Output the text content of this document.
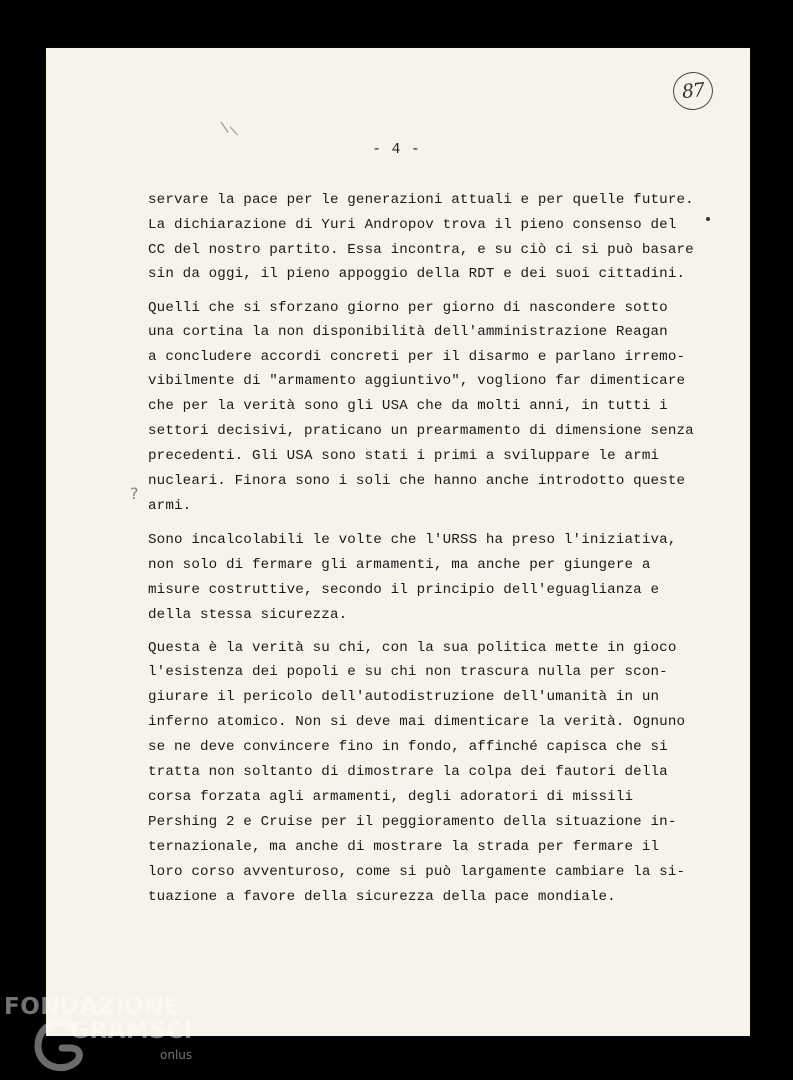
87
\ \
?
- 4 -
servare la pace per le generazioni attuali e per quelle future.
La dichiarazione di Yuri Andropov trova il pieno consenso del
CC del nostro partito. Essa incontra, e su ciò ci si può basare
sin da oggi, il pieno appoggio della RDT e dei suoi cittadini.
Quelli che si sforzano giorno per giorno di nascondere sotto
una cortina la non disponibilità dell'amministrazione Reagan
a concludere accordi concreti per il disarmo e parlano irremo-
vibilmente di "armamento aggiuntivo", vogliono far dimenticare
che per la verità sono gli USA che da molti anni, in tutti i
settori decisivi, praticano un prearmamento di dimensione senza
precedenti. Gli USA sono stati i primi a sviluppare le armi
nucleari. Finora sono i soli che hanno anche introdotto queste
armi.
Sono incalcolabili le volte che l'URSS ha preso l'iniziativa,
non solo di fermare gli armamenti, ma anche per giungere a
misure costruttive, secondo il principio dell'eguaglianza e
della stessa sicurezza.
Questa è la verità su chi, con la sua politica mette in gioco
l'esistenza dei popoli e su chi non trascura nulla per scon-
giurare il pericolo dell'autodistruzione dell'umanità in un
inferno atomico. Non si deve mai dimenticare la verità. Ognuno
se ne deve convincere fino in fondo, affinché capisca che si
tratta non soltanto di dimostrare la colpa dei fautori della
corsa forzata agli armamenti, degli adoratori di missili
Pershing 2 e Cruise per il peggioramento della situazione in-
ternazionale, ma anche di mostrare la strada per fermare il
loro corso avventuroso, come si può largamente cambiare la si-
tuazione a favore della sicurezza della pace mondiale.
FONDAZIONE
GRAMSCI
onlus
